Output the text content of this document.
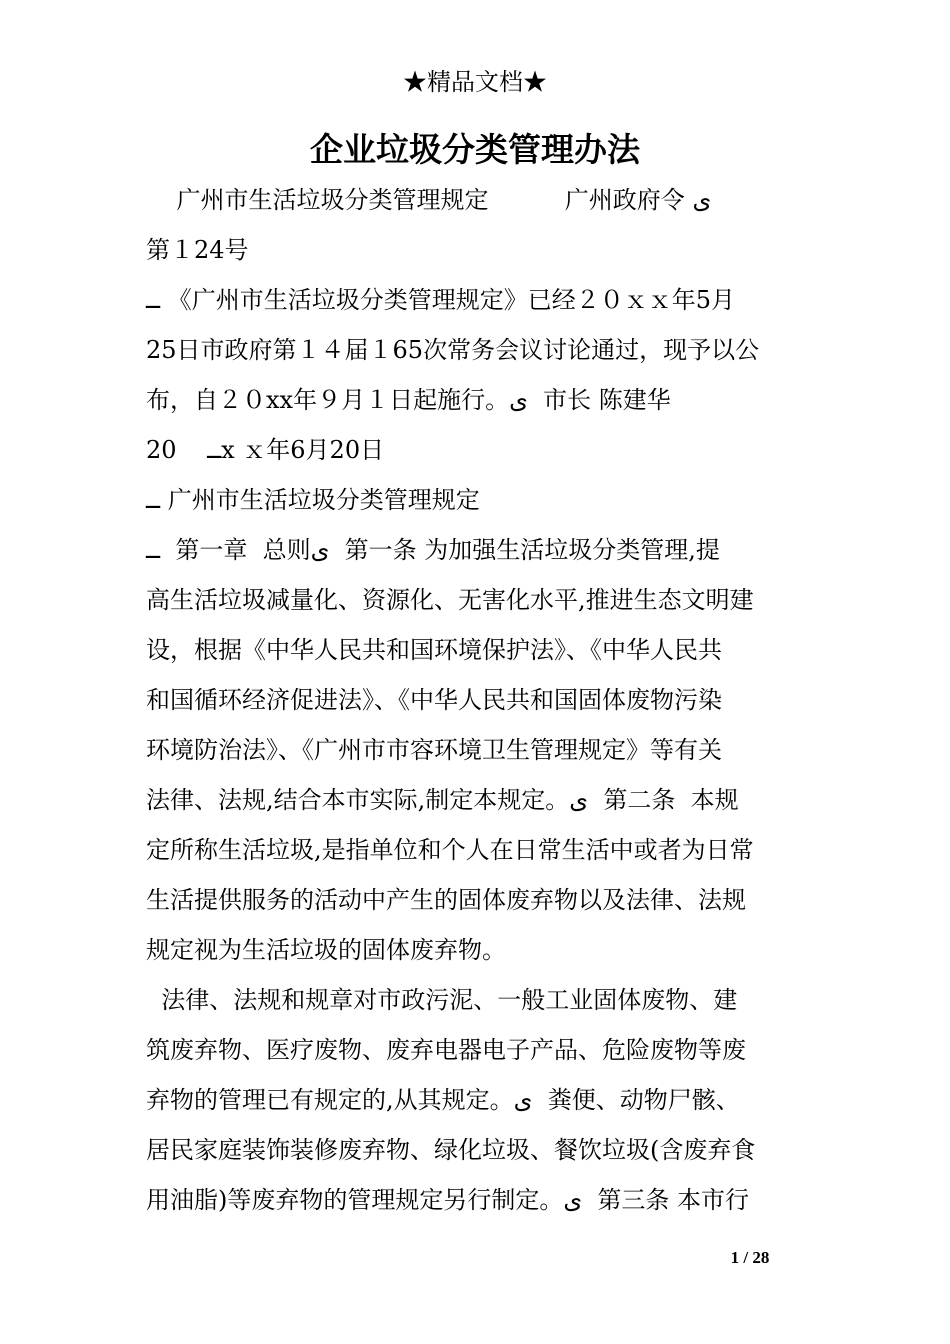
★精品文档★
企业垃圾分类管理办法
广州市生活垃圾分类管理规定          广州政府令 ى
第１24号
ــ 《广州市生活垃圾分类管理规定》已经２０ｘｘ年5月
25日市政府第１４届１65次常务会议讨论通过，现予以公
布，自２０xx年９月１日起施行。ى  市长 陈建华
20    ــx ｘ年6月20日
ــ 广州市生活垃圾分类管理规定
ــ  第一章  总则ى  第一条 为加强生活垃圾分类管理,提
高生活垃圾减量化、资源化、无害化水平,推进生态文明建
设，根据《中华人民共和国环境保护法》、《中华人民共
和国循环经济促进法》、《中华人民共和国固体废物污染
环境防治法》、《广州市市容环境卫生管理规定》等有关
法律、法规,结合本市实际,制定本规定。ى  第二条  本规
定所称生活垃圾,是指单位和个人在日常生活中或者为日常
生活提供服务的活动中产生的固体废弃物以及法律、法规
规定视为生活垃圾的固体废弃物。
法律、法规和规章对市政污泥、一般工业固体废物、建
筑废弃物、医疗废物、废弃电器电子产品、危险废物等废
弃物的管理已有规定的,从其规定。ى  粪便、动物尸骸、
居民家庭装饰装修废弃物、绿化垃圾、餐饮垃圾(含废弃食
用油脂)等废弃物的管理规定另行制定。ى  第三条 本市行
1 / 28
